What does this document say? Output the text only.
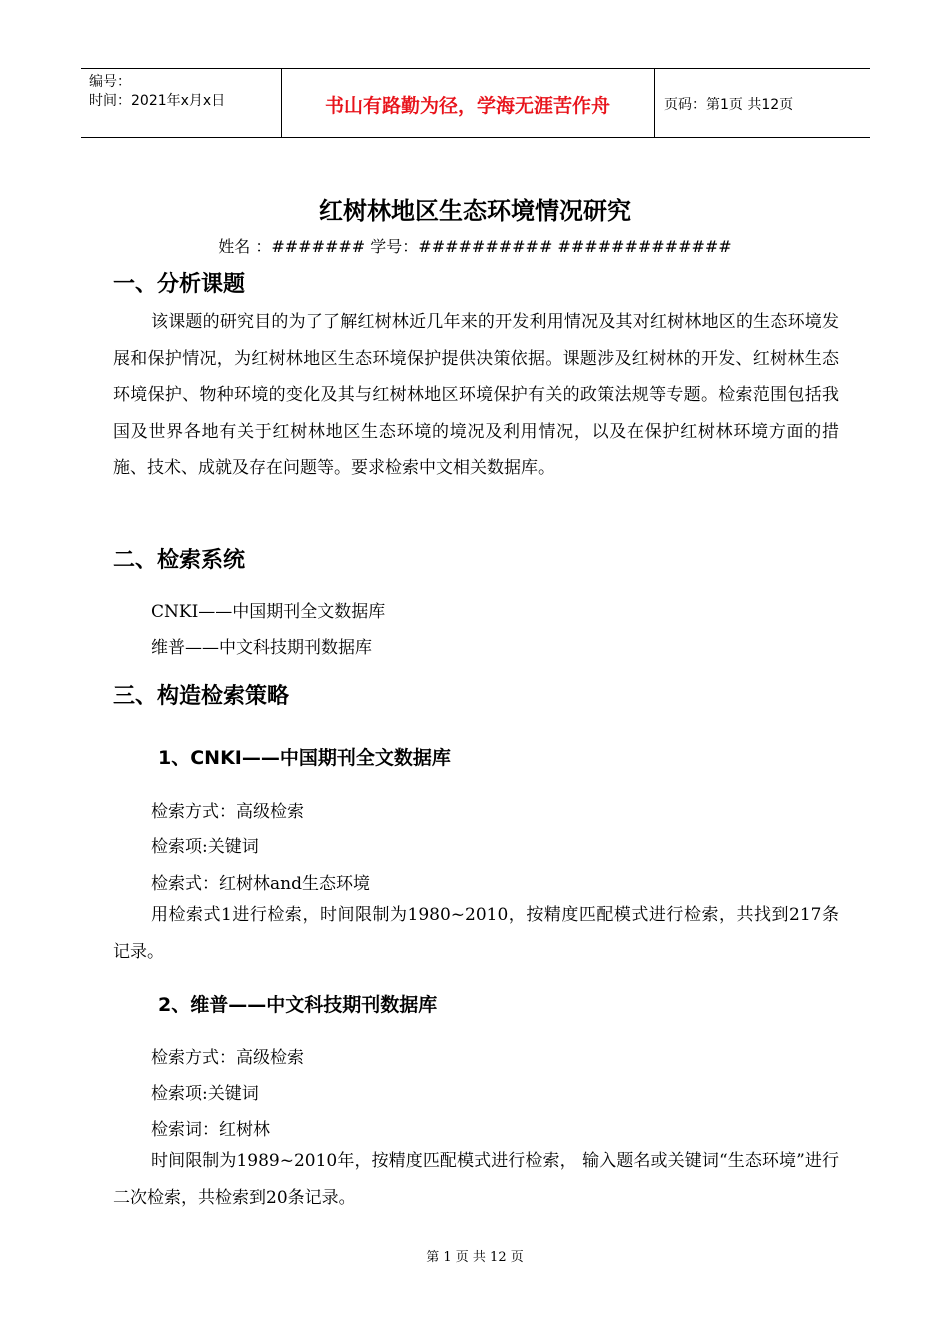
编号：
时间：2021年x月x日	书山有路勤为径，学海无涯苦作舟	页码：第1页 共12页
红树林地区生态环境情况研究
姓名 ：####### 学号：########## #############
一、分析课题

该课题的研究目的为了了解红树林近几年来的开发利用情况及其对红树林地区的生态环境发展和保护情况，为红树林地区生态环境保护提供决策依据。课题涉及红树林的开发、红树林生态环境保护、物种环境的变化及其与红树林地区环境保护有关的政策法规等专题。检索范围包括我国及世界各地有关于红树林地区生态环境的境况及利用情况，以及在保护红树林环境方面的措施、技术、成就及存在问题等。要求检索中文相关数据库。

二、检索系统
CNKI——中国期刊全文数据库
维普——中文科技期刊数据库
三、构造检索策略
1、CNKI——中国期刊全文数据库
检索方式：高级检索
检索项:关键词
检索式：红树林and生态环境

用检索式1进行检索，时间限制为1980~2010，按精度匹配模式进行检索，共找到217条记录。

2、维普——中文科技期刊数据库
检索方式：高级检索
检索项:关键词
检索词：红树林

时间限制为1989~2010年，按精度匹配模式进行检索， 输入题名或关键词“生态环境”进行二次检索，共检索到20条记录。

第 1 页 共 12 页
